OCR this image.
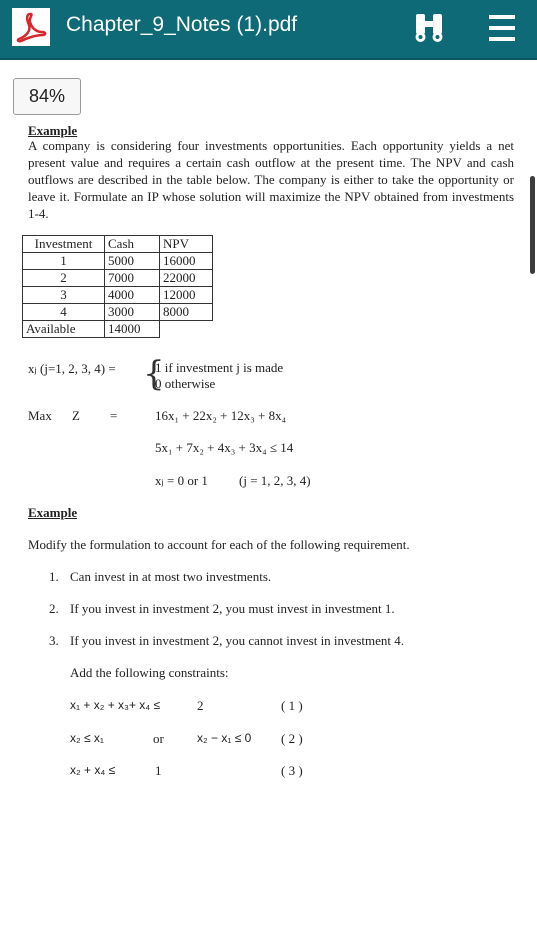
Chapter_9_Notes (1).pdf
84%
Example
A company is considering four investments opportunities. Each opportunity yields a net present value and requires a certain cash outflow at the present time. The NPV and cash outflows are described in the table below. The company is either to take the opportunity or leave it. Formulate an IP whose solution will maximize the NPV obtained from investments 1-4.
Investment	Cash	NPV
1	5000	16000
2	7000	22000
3	4000	12000
4	3000	8000
Available	14000	
xⱼ (j=1, 2, 3, 4) = {
1 if investment j is made
0 otherwise
Max Z =	16x₁ + 22x₂ + 12x₃ + 8x₄
5x₁ + 7x₂ + 4x₃ + 3x₄ ≤ 14
xⱼ = 0 or 1 (j = 1, 2, 3, 4)
Example
Modify the formulation to account for each of the following requirement.
1. Can invest in at most two investments.
2. If you invest in investment 2, you must invest in investment 1.
3. If you invest in investment 2, you cannot invest in investment 4.
Add the following constraints:
x₁ + x₂ + x₃+ x₄ ≤	2	( 1 )
x₂ ≤ x₁	or	x₂ − x₁ ≤ 0 ( 2 )
x₂ + x₄ ≤	1	( 3 )
